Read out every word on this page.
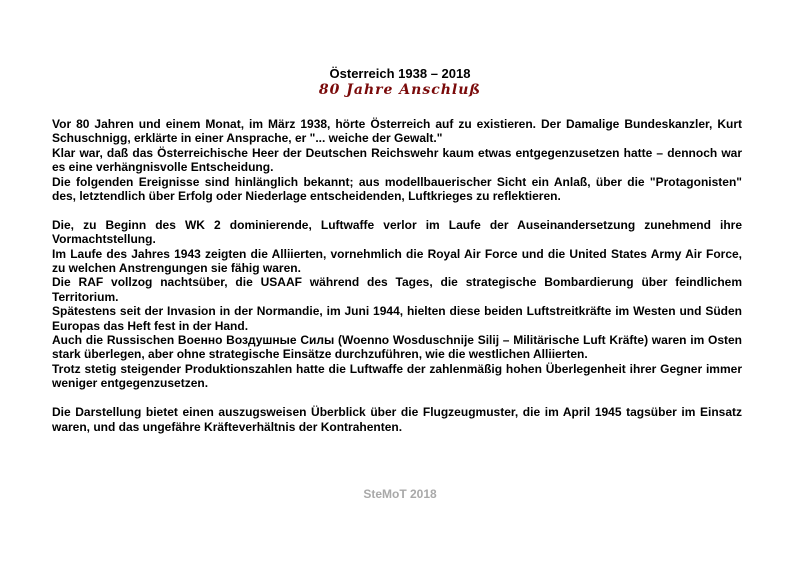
Österreich 1938 – 2018

80 Jahre Anschluß

Vor 80 Jahren und einem Monat, im März 1938, hörte Österreich auf zu existieren. Der Damalige Bundeskanzler, Kurt Schuschnigg, erklärte in einer Ansprache, er "... weiche der Gewalt."

Klar war, daß das Österreichische Heer der Deutschen Reichswehr kaum etwas entgegenzusetzen hatte – dennoch war es eine verhängnisvolle Entscheidung.

Die folgenden Ereignisse sind hinlänglich bekannt; aus modellbauerischer Sicht ein Anlaß, über die "Protagonisten" des, letztendlich über Erfolg oder Niederlage entscheidenden, Luftkrieges zu reflektieren.

Die, zu Beginn des WK 2 dominierende, Luftwaffe verlor im Laufe der Auseinandersetzung zunehmend ihre Vormachtstellung.

Im Laufe des Jahres 1943 zeigten die Alliierten, vornehmlich die Royal Air Force und die United States Army Air Force, zu welchen Anstrengungen sie fähig waren.

Die RAF vollzog nachtsüber, die USAAF während des Tages, die strategische Bombardierung über feindlichem Territorium.

Spätestens seit der Invasion in der Normandie, im Juni 1944, hielten diese beiden Luftstreitkräfte im Westen und Süden Europas das Heft fest in der Hand.

Auch die Russischen Военно Воздушные Силы (Woenno Wosduschnije Silij – Militärische Luft Kräfte) waren im Osten stark überlegen, aber ohne strategische Einsätze durchzuführen, wie die westlichen Alliierten.

Trotz stetig steigender Produktionszahlen hatte die Luftwaffe der zahlenmäßig hohen Überlegenheit ihrer Gegner immer weniger entgegenzusetzen.

Die Darstellung bietet einen auszugsweisen Überblick über die Flugzeugmuster, die im April 1945 tagsüber im Einsatz waren, und das ungefähre Kräfteverhältnis der Kontrahenten.

SteMoT 2018
